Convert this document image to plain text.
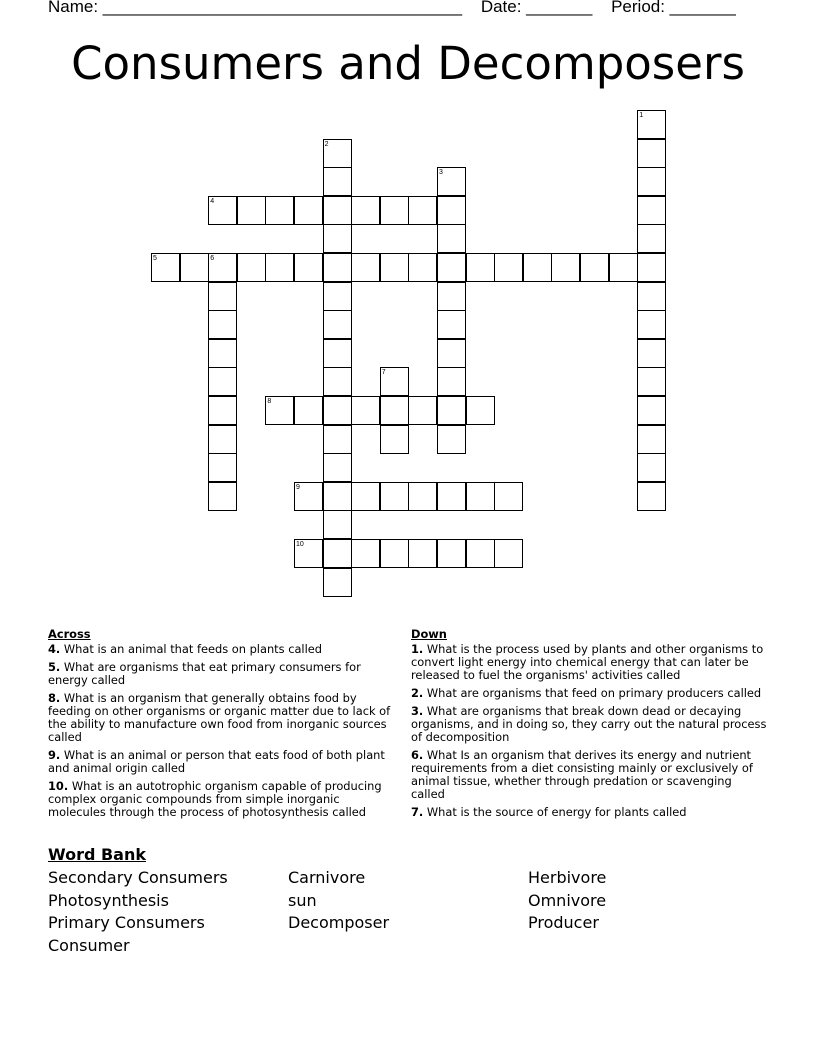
Name: ______________________________________ Date: _______ Period: _______
Consumers and Decomposers
1
2
3
4
5	6
7
8
9
10
Across
4. What is an animal that feeds on plants called
5. What are organisms that eat primary consumers for energy called
8. What is an organism that generally obtains food by feeding on other organisms or organic matter due to lack of the ability to manufacture own food from inorganic sources called
9. What is an animal or person that eats food of both plant and animal origin called
10. What is an autotrophic organism capable of producing complex organic compounds from simple inorganic molecules through the process of photosynthesis called
Down
1. What is the process used by plants and other organisms to convert light energy into chemical energy that can later be released to fuel the organisms' activities called
2. What are organisms that feed on primary producers called
3. What are organisms that break down dead or decaying organisms, and in doing so, they carry out the natural process of decomposition
6. What Is an organism that derives its energy and nutrient requirements from a diet consisting mainly or exclusively of animal tissue, whether through predation or scavenging called
7. What is the source of energy for plants called
Word Bank
Secondary Consumers	Carnivore	Herbivore
Photosynthesis	sun	Omnivore
Primary Consumers	Decomposer	Producer
Consumer
